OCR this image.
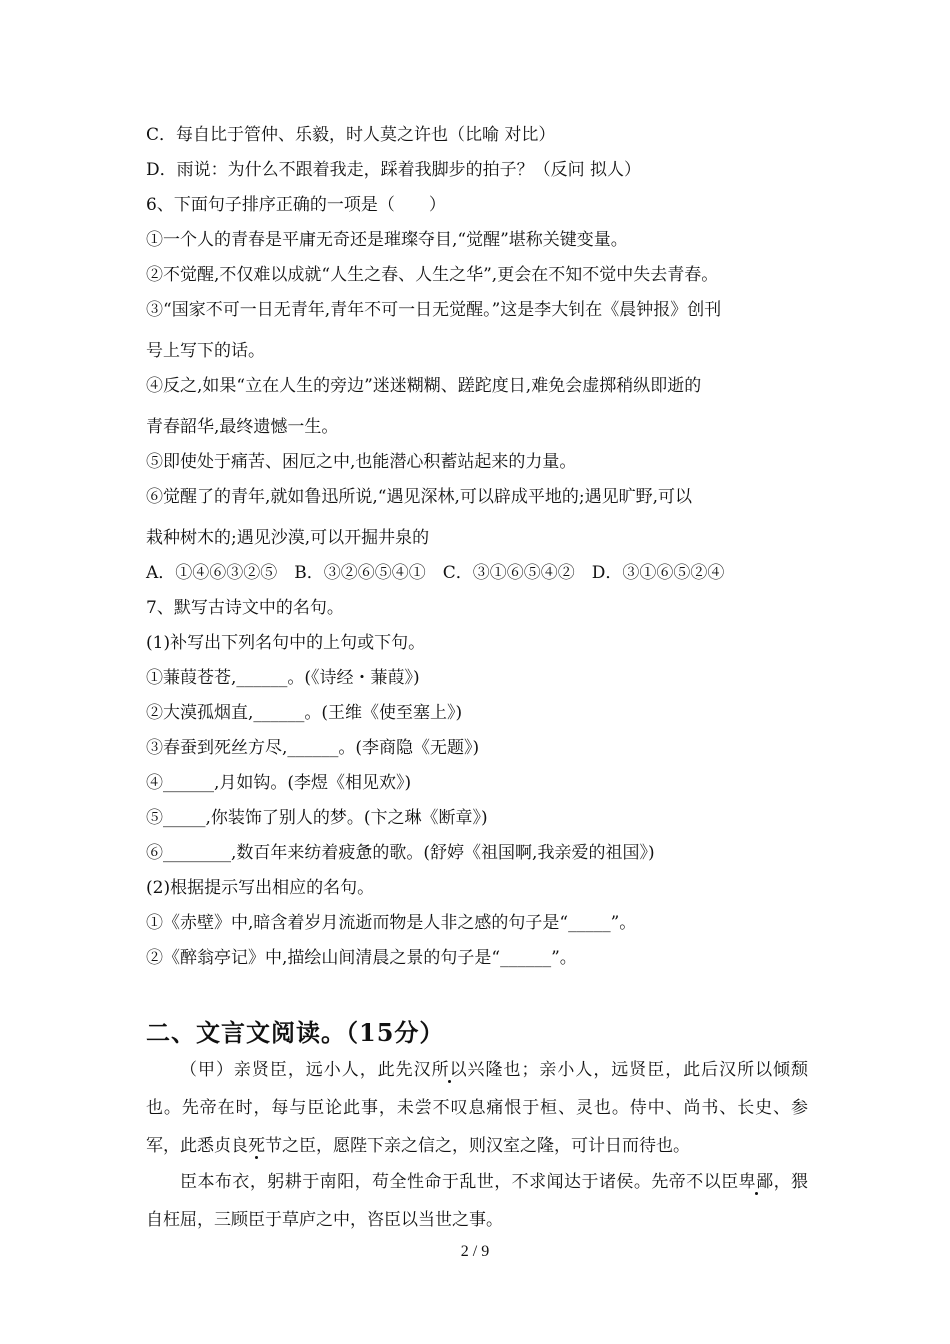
C．每自比于管仲、乐毅，时人莫之许也（比喻 对比）
D．雨说：为什么不跟着我走，踩着我脚步的拍子？（反问 拟人）
6、下面句子排序正确的一项是（　　）
①一个人的青春是平庸无奇还是璀璨夺目,“觉醒”堪称关键变量。
②不觉醒,不仅难以成就“人生之春、人生之华”,更会在不知不觉中失去青春。
③“国家不可一日无青年,青年不可一日无觉醒。”这是李大钊在《晨钟报》创刊
号上写下的话。
④反之,如果“立在人生的旁边”迷迷糊糊、蹉跎度日,难免会虚掷稍纵即逝的
青春韶华,最终遗憾一生。
⑤即使处于痛苦、困厄之中,也能潜心积蓄站起来的力量。
⑥觉醒了的青年,就如鲁迅所说,“遇见深林,可以辟成平地的;遇见旷野,可以
栽种树木的;遇见沙漠,可以开掘井泉的
A．①④⑥③②⑤　B．③②⑥⑤④①　C．③①⑥⑤④②　D．③①⑥⑤②④
7、默写古诗文中的名句。
(1)补写出下列名句中的上句或下句。
①蒹葭苍苍,______。(《诗经・蒹葭》)
②大漠孤烟直,______。(王维《使至塞上》)
③春蚕到死丝方尽,______。(李商隐《无题》)
④______,月如钩。(李煜《相见欢》)
⑤_____,你装饰了别人的梦。(卞之琳《断章》)
⑥________,数百年来纺着疲惫的歌。(舒婷《祖国啊,我亲爱的祖国》)
(2)根据提示写出相应的名句。
①《赤壁》中,暗含着岁月流逝而物是人非之感的句子是“_____”。
②《醉翁亭记》中,描绘山间清晨之景的句子是“______”。
二、文言文阅读。（15分）
（甲）亲贤臣，远小人，此先汉所以兴隆也；亲小人，远贤臣，此后汉所以倾颓也。先帝在时，每与臣论此事，未尝不叹息痛恨于桓、灵也。侍中、尚书、长史、参军，此悉贞良死节之臣，愿陛下亲之信之，则汉室之隆，可计日而待也。
臣本布衣，躬耕于南阳，苟全性命于乱世，不求闻达于诸侯。先帝不以臣卑鄙，猥自枉屈，三顾臣于草庐之中，咨臣以当世之事。
2 / 9
